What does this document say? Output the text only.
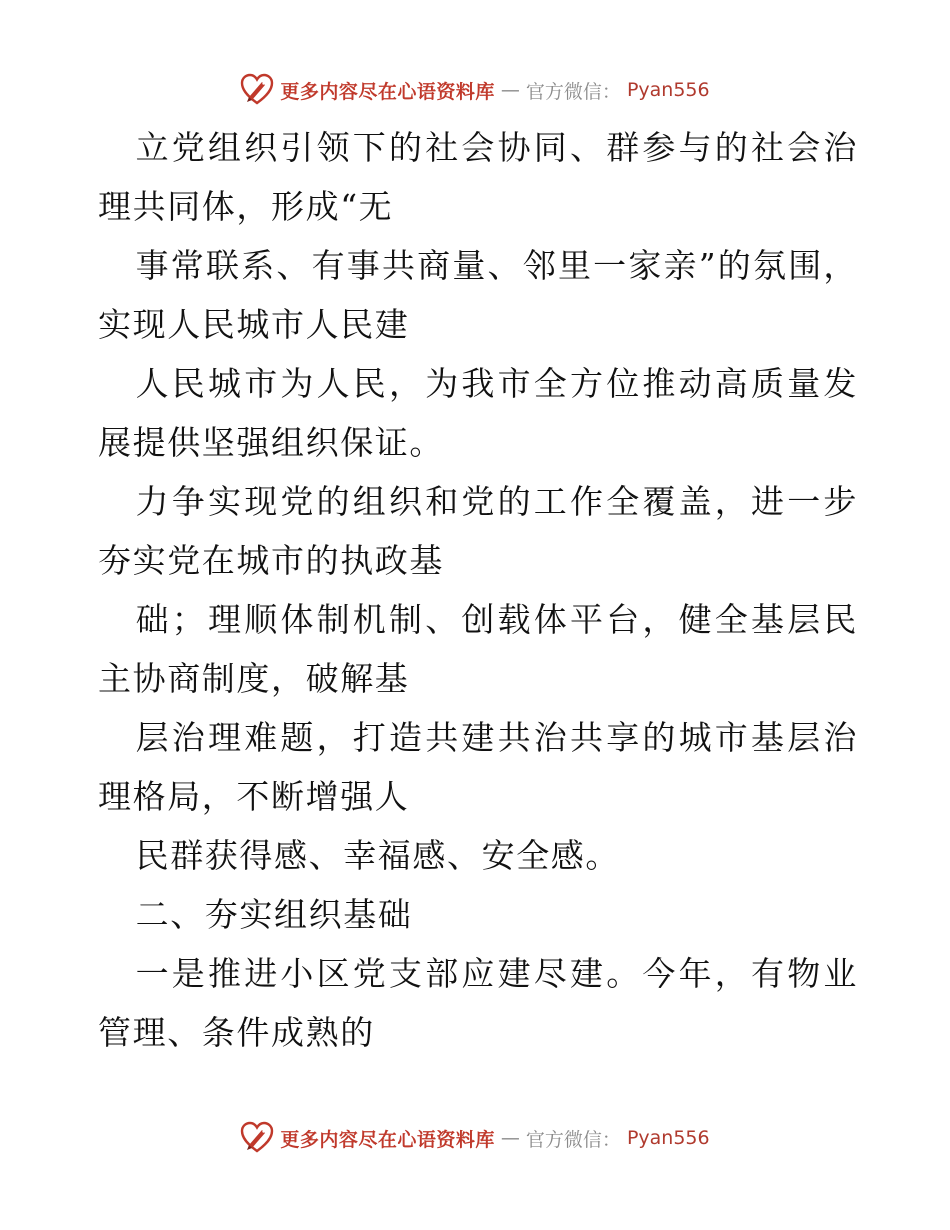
更多内容尽在心语资料库 — 官方微信： Pyan556

立党组织引领下的社会协同、群参与的社会治理共同体，形成“无

事常联系、有事共商量、邻里一家亲”的氛围，实现人民城市人民建

人民城市为人民，为我市全方位推动高质量发展提供坚强组织保证。

力争实现党的组织和党的工作全覆盖，进一步夯实党在城市的执政基

础；理顺体制机制、创载体平台，健全基层民主协商制度，破解基

层治理难题，打造共建共治共享的城市基层治理格局，不断增强人

民群获得感、幸福感、安全感。

二、夯实组织基础

一是推进小区党支部应建尽建。今年，有物业管理、条件成熟的

更多内容尽在心语资料库 — 官方微信： Pyan556
